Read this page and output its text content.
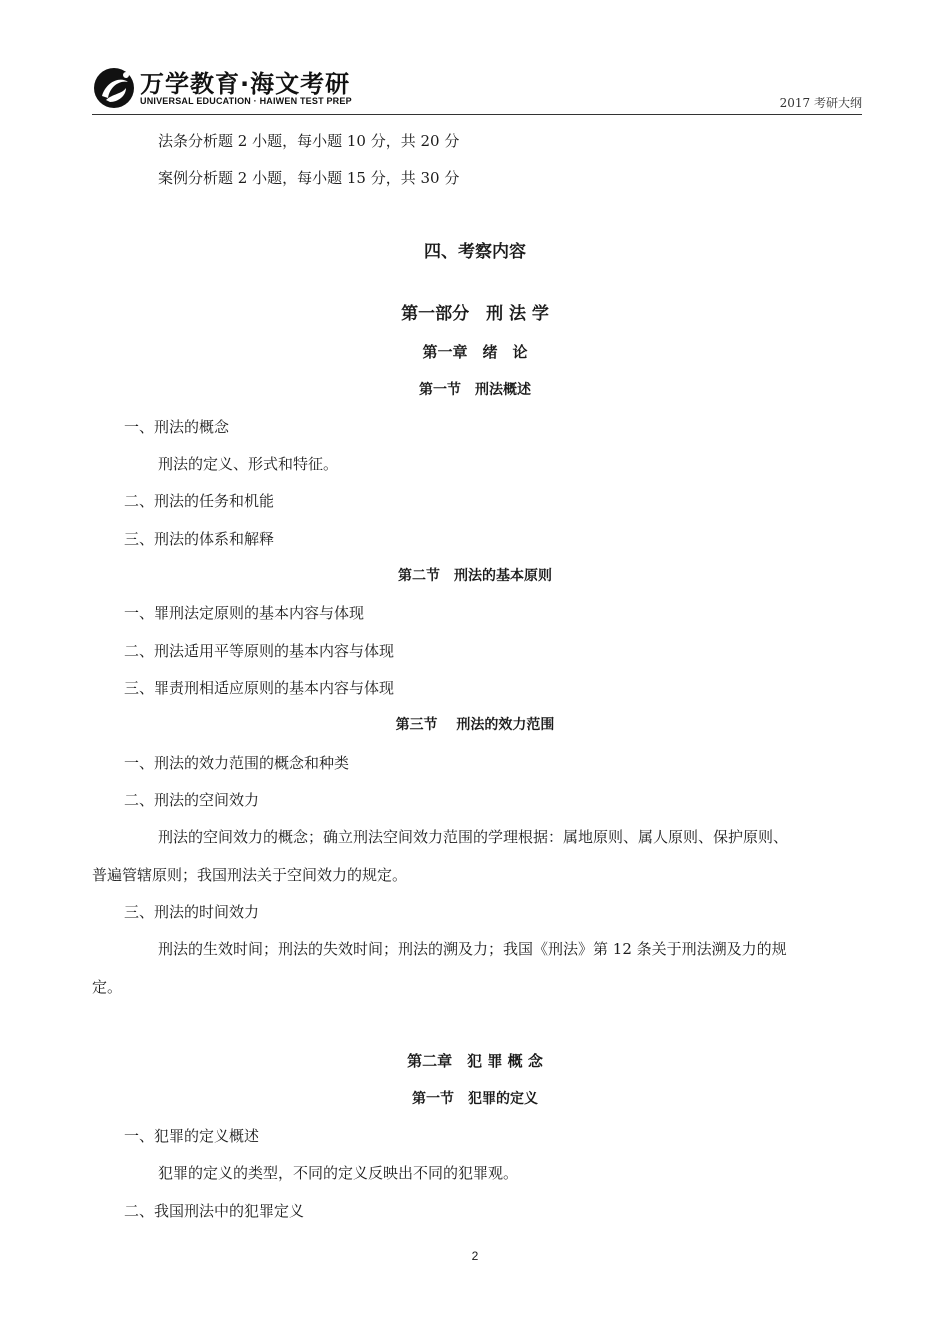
万学教育·海文考研
UNIVERSAL EDUCATION · HAIWEN TEST PREP	2017 考研大纲
法条分析题 2 小题，每小题 10 分，共 20 分
案例分析题 2 小题，每小题 15 分，共 30 分
四、考察内容
第一部分　刑 法 学
第一章　绪　论
第一节　刑法概述
一、刑法的概念
刑法的定义、形式和特征。
二、刑法的任务和机能
三、刑法的体系和解释
第二节　刑法的基本原则
一、罪刑法定原则的基本内容与体现
二、刑法适用平等原则的基本内容与体现
三、罪责刑相适应原则的基本内容与体现
第三节　 刑法的效力范围
一、刑法的效力范围的概念和种类
二、刑法的空间效力
刑法的空间效力的概念；确立刑法空间效力范围的学理根据：属地原则、属人原则、保护原则、
普遍管辖原则；我国刑法关于空间效力的规定。
三、刑法的时间效力
刑法的生效时间；刑法的失效时间；刑法的溯及力；我国《刑法》第 12 条关于刑法溯及力的规
定。
第二章　犯 罪 概 念
第一节　犯罪的定义
一、犯罪的定义概述
犯罪的定义的类型，不同的定义反映出不同的犯罪观。
二、我国刑法中的犯罪定义
2
